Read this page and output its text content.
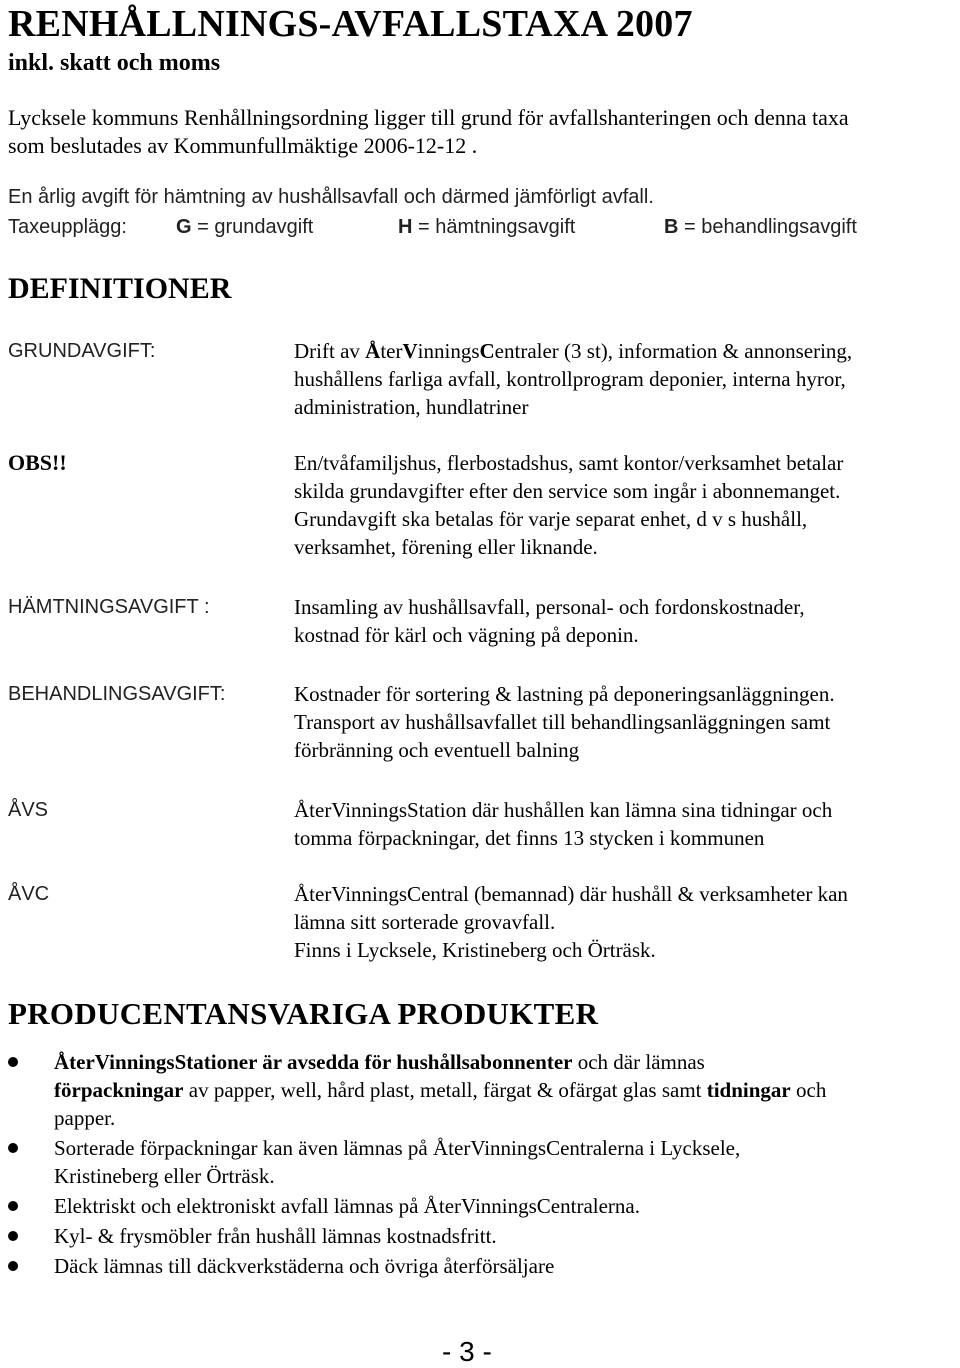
RENHÅLLNINGS-AVFALLSTAXA 2007
inkl. skatt och moms
Lycksele kommuns Renhållningsordning ligger till grund för avfallshanteringen och denna taxa
som beslutades av Kommunfullmäktige 2006-12-12 .
En årlig avgift för hämtning av hushållsavfall och därmed jämförligt avfall.
Taxeupplägg: G = grundavgift	H = hämtningsavgift	B = behandlingsavgift
DEFINITIONER
GRUNDAVGIFT:	Drift av ÅterVinningsCentraler (3 st), information & annonsering,
hushållens farliga avfall, kontrollprogram deponier, interna hyror,
administration, hundlatriner
OBS!!	En/tvåfamiljshus, flerbostadshus, samt kontor/verksamhet betalar
skilda grundavgifter efter den service som ingår i abonnemanget.
Grundavgift ska betalas för varje separat enhet, d v s hushåll,
verksamhet, förening eller liknande.
HÄMTNINGSAVGIFT :	Insamling av hushållsavfall, personal- och fordonskostnader,
kostnad för kärl och vägning på deponin.
BEHANDLINGSAVGIFT:	Kostnader för sortering & lastning på deponeringsanläggningen.
Transport av hushållsavfallet till behandlingsanläggningen samt
förbränning och eventuell balning
ÅVS	ÅterVinningsStation där hushållen kan lämna sina tidningar och
tomma förpackningar, det finns 13 stycken i kommunen
ÅVC	ÅterVinningsCentral (bemannad) där hushåll & verksamheter kan
lämna sitt sorterade grovavfall.
Finns i Lycksele, Kristineberg och Örträsk.
PRODUCENTANSVARIGA PRODUKTER
ÅterVinningsStationer är avsedda för hushållsabonnenter och där lämnas
förpackningar av papper, well, hård plast, metall, färgat & ofärgat glas samt tidningar och
papper.
Sorterade förpackningar kan även lämnas på ÅterVinningsCentralerna i Lycksele,
Kristineberg eller Örträsk.
Elektriskt och elektroniskt avfall lämnas på ÅterVinningsCentralerna.
Kyl- & frysmöbler från hushåll lämnas kostnadsfritt.
Däck lämnas till däckverkstäderna och övriga återförsäljare
- 3 -
